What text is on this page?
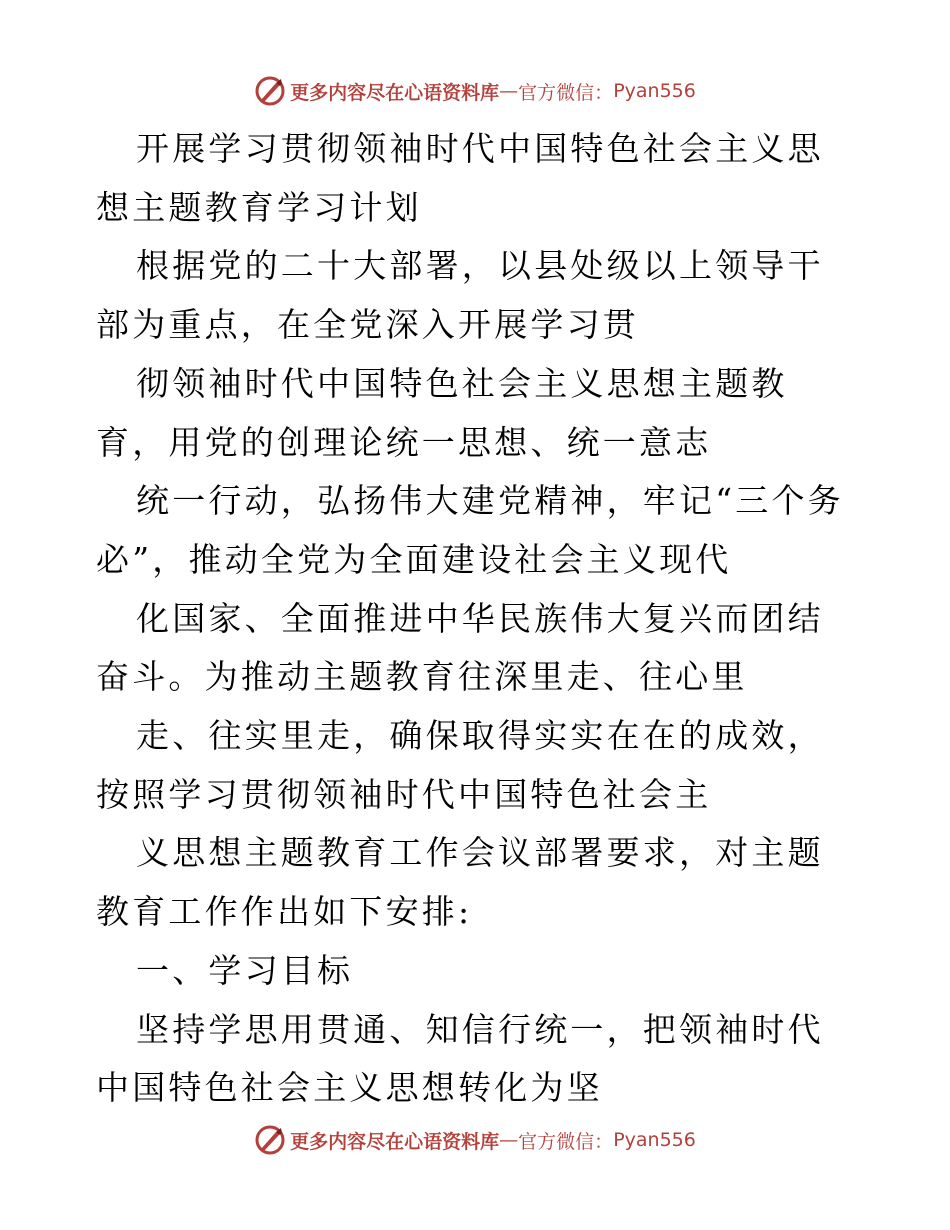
更多内容尽在心语资料库 — 官方微信： Pyan556

开展学习贯彻领袖时代中国特色社会主义思想主题教育学习计划

根据党的二十大部署，以县处级以上领导干部为重点，在全党深入开展学习贯

彻领袖时代中国特色社会主义思想主题教育，用党的创理论统一思想、统一意志

统一行动，弘扬伟大建党精神，牢记“三个务必”，推动全党为全面建设社会主义现代

化国家、全面推进中华民族伟大复兴而团结奋斗。为推动主题教育往深里走、往心里

走、往实里走，确保取得实实在在的成效，按照学习贯彻领袖时代中国特色社会主

义思想主题教育工作会议部署要求，对主题教育工作作出如下安排:

一、学习目标

坚持学思用贯通、知信行统一，把领袖时代中国特色社会主义思想转化为坚

更多内容尽在心语资料库 — 官方微信： Pyan556
